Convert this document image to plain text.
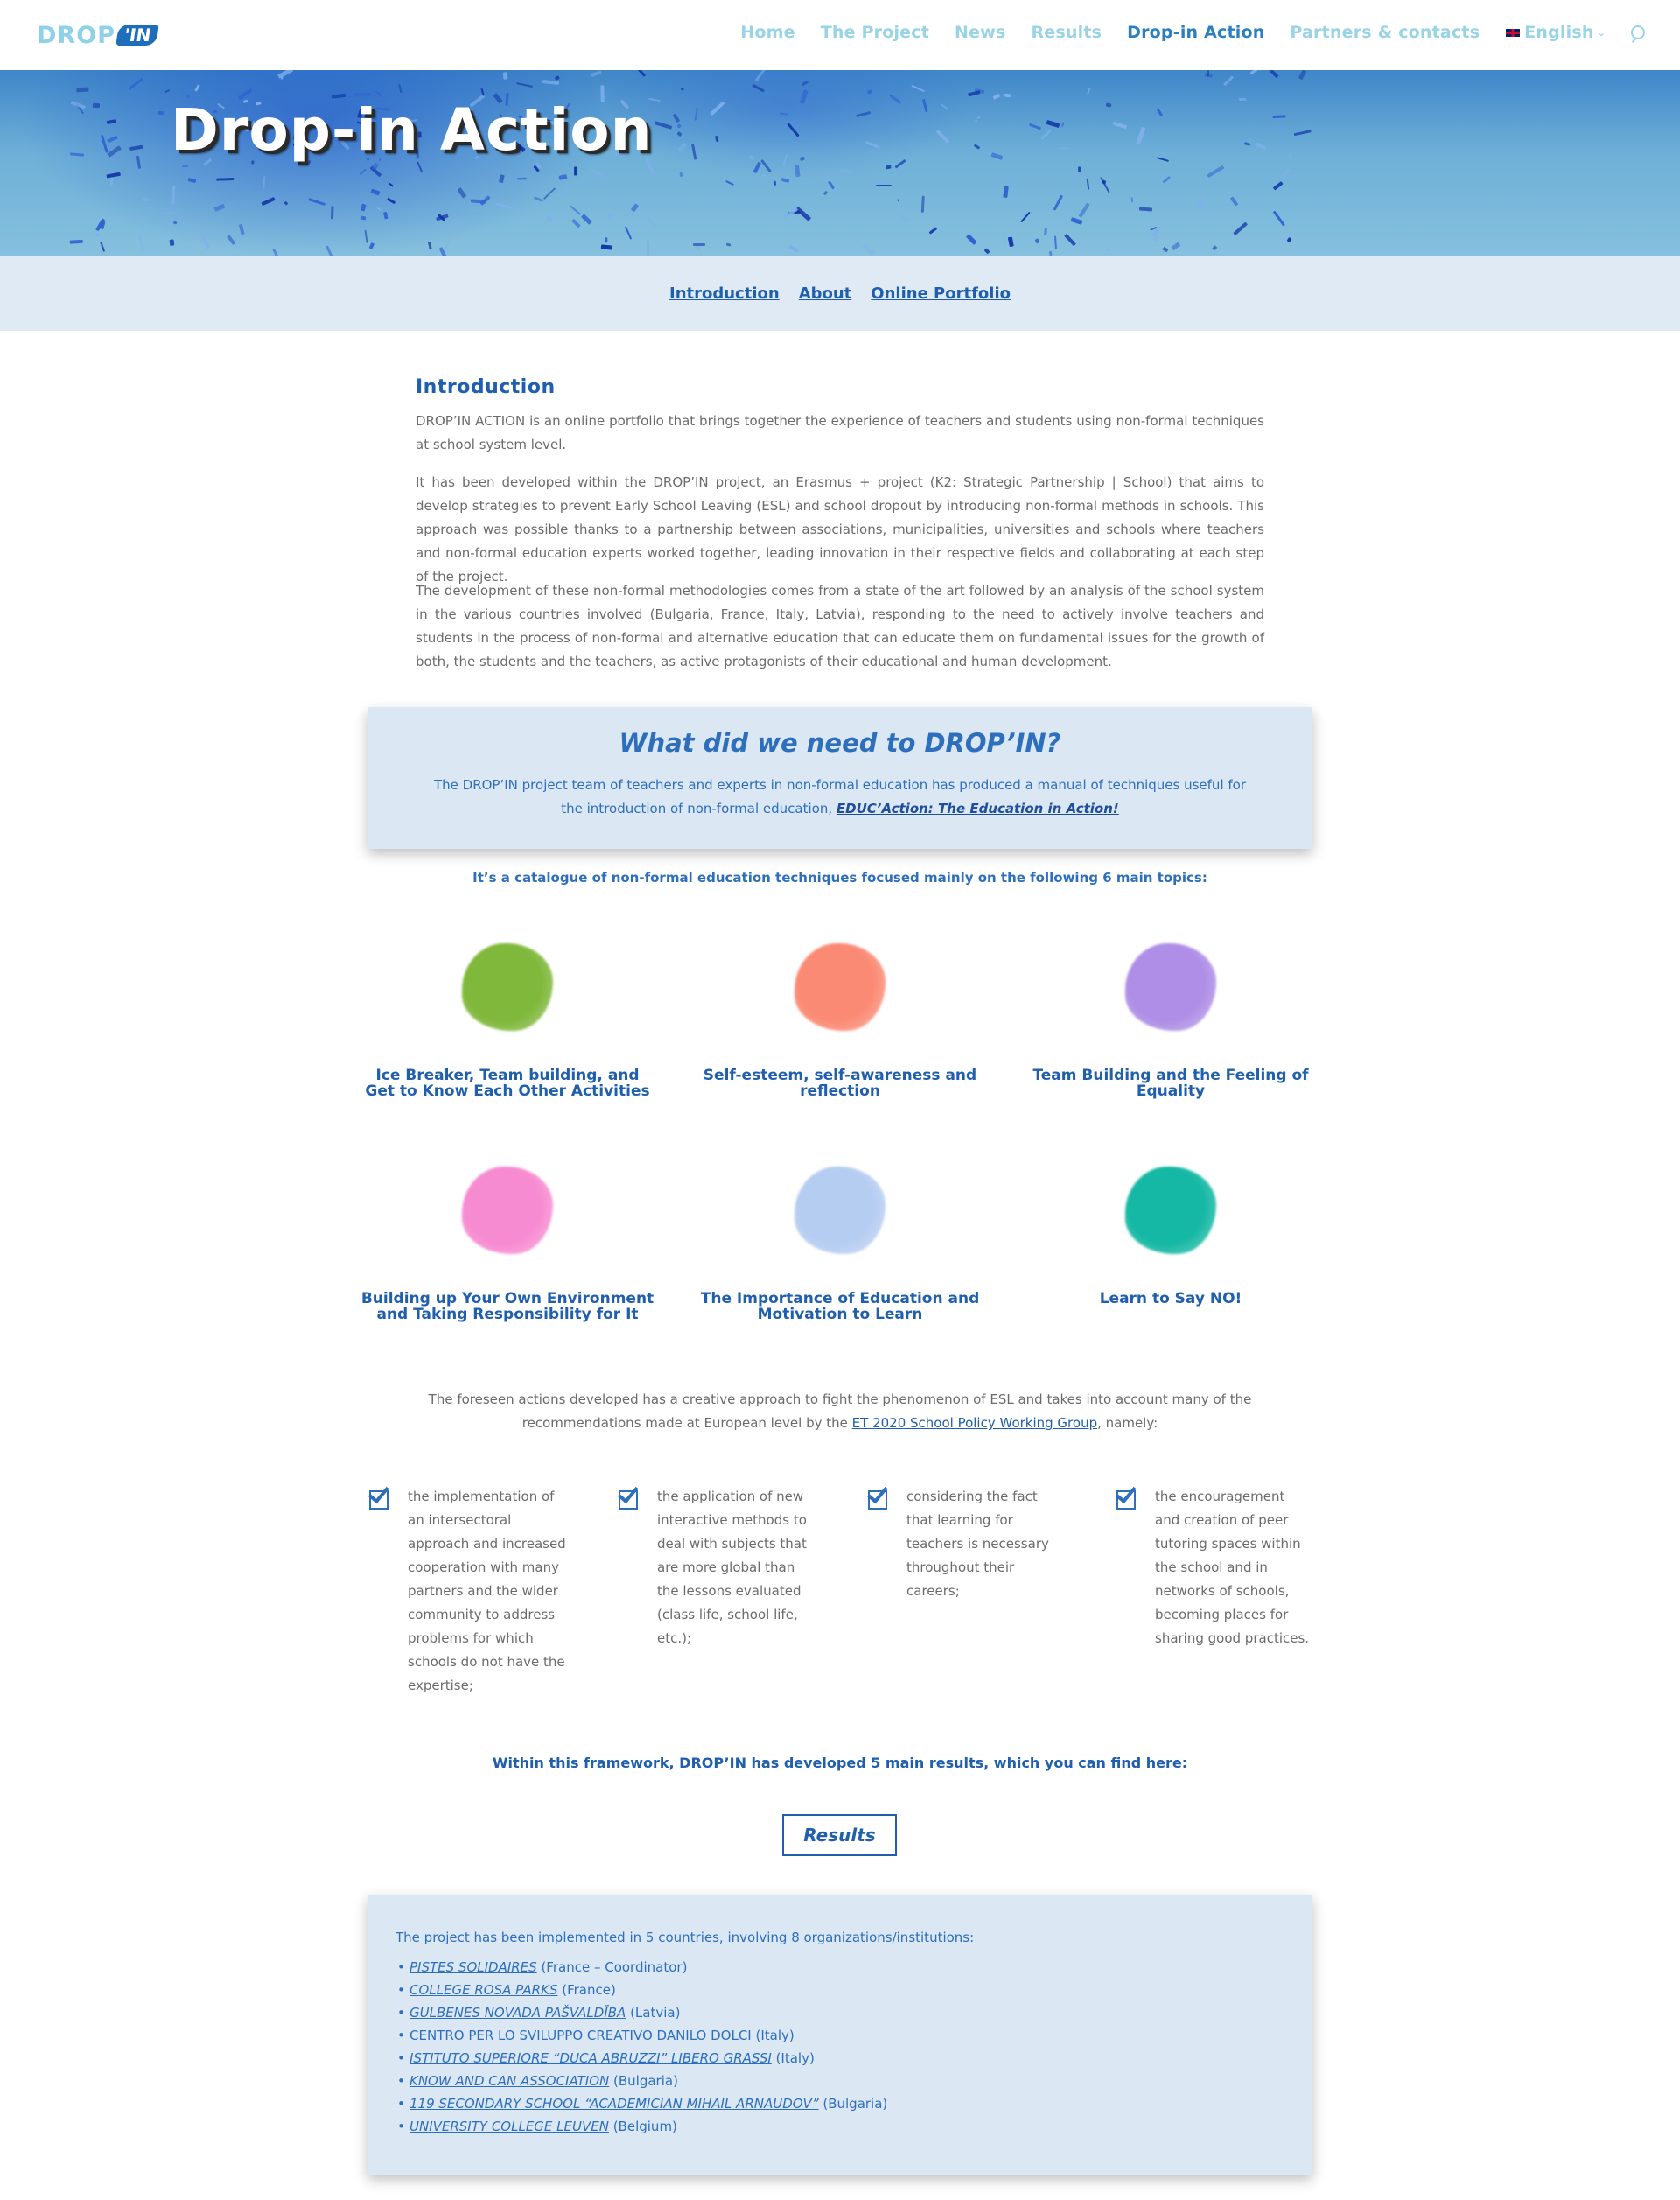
DROP 'IN	Home The Project News Results Drop-in Action Partners & contacts	English ⌄
Drop-in Action
Introduction About Online Portfolio
Introduction
DROP’IN ACTION is an online portfolio that brings together the experience of teachers and students using non-formal techniques at school system level.
It has been developed within the DROP’IN project, an Erasmus + project (K2: Strategic Partnership | School) that aims to develop strategies to prevent Early School Leaving (ESL) and school dropout by introducing non-formal methods in schools. This approach was possible thanks to a partnership between associations, municipalities, universities and schools where teachers and non-formal education experts worked together, leading innovation in their respective fields and collaborating at each step of the project.
The development of these non-formal methodologies comes from a state of the art followed by an analysis of the school system in the various countries involved (Bulgaria, France, Italy, Latvia), responding to the need to actively involve teachers and students in the process of non-formal and alternative education that can educate them on fundamental issues for the growth of both, the students and the teachers, as active protagonists of their educational and human development.
What did we need to DROP’IN?
The DROP’IN project team of teachers and experts in non-formal education has produced a manual of techniques useful for the introduction of non-formal education, EDUC’Action: The Education in Action!
It’s a catalogue of non-formal education techniques focused mainly on the following 6 main topics:
Ice Breaker, Team building, and Get to Know Each Other Activities
Self-esteem, self-awareness and reflection
Team Building and the Feeling of Equality
Building up Your Own Environment and Taking Responsibility for It
The Importance of Education and Motivation to Learn
Learn to Say NO!
The foreseen actions developed has a creative approach to fight the phenomenon of ESL and takes into account many of the recommendations made at European level by the ET 2020 School Policy Working Group, namely:
the implementation of an intersectoral approach and increased cooperation with many partners and the wider community to address problems for which schools do not have the expertise;
the application of new interactive methods to deal with subjects that are more global than the lessons evaluated (class life, school life, etc.);
considering the fact that learning for teachers is necessary throughout their careers;
the encouragement and creation of peer tutoring spaces within the school and in networks of schools, becoming places for sharing good practices.
Within this framework, DROP’IN has developed 5 main results, which you can find here:
Results
The project has been implemented in 5 countries, involving 8 organizations/institutions:
• PISTES SOLIDAIRES (France – Coordinator)
• COLLEGE ROSA PARKS (France)
• GULBENES NOVADA PAŠVALDĪBA (Latvia)
• CENTRO PER LO SVILUPPO CREATIVO DANILO DOLCI (Italy)
• ISTITUTO SUPERIORE “DUCA ABRUZZI” LIBERO GRASSI (Italy)
• KNOW AND CAN ASSOCIATION (Bulgaria)
• 119 SECONDARY SCHOOL “ACADEMICIAN MIHAIL ARNAUDOV” (Bulgaria)
• UNIVERSITY COLLEGE LEUVEN (Belgium)
